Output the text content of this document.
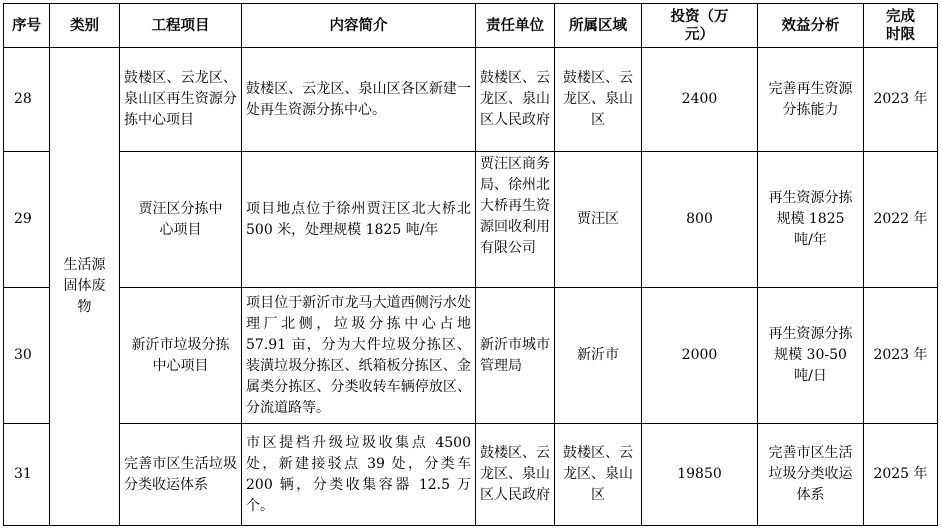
序号	类别	工程项目	内容简介	责任单位	所属区域	投资（万元）	效益分析	完成时限
28	生活源固体废物	鼓楼区、云龙区、泉山区再生资源分拣中心项目	鼓楼区、云龙区、泉山区各区新建一处再生资源分拣中心。	鼓楼区、云龙区、泉山区人民政府	鼓楼区、云龙区、泉山区	2400	完善再生资源分拣能力	2023 年
29		贾汪区分拣中心项目	项目地点位于徐州贾汪区北大桥北 500 米，处理规模 1825 吨/年	贾汪区商务局、徐州北大桥再生资源回收利用有限公司	贾汪区	800	再生资源分拣规模 1825 吨/年	2022 年
30		新沂市垃圾分拣中心项目	项目位于新沂市龙马大道西侧污水处理厂北侧，垃圾分拣中心占地 57.91 亩，分为大件垃圾分拣区、装潢垃圾分拣区、纸箱板分拣区、金属类分拣区、分类收转车辆停放区、分流道路等。	新沂市城市管理局	新沂市	2000	再生资源分拣规模 30-50 吨/日	2023 年
31		完善市区生活垃圾分类收运体系	市区提档升级垃圾收集点 4500 处，新建接驳点 39 处，分类车 200 辆，分类收集容器 12.5 万个。	鼓楼区、云龙区、泉山区人民政府	鼓楼区、云龙区、泉山区	19850	完善市区生活垃圾分类收运体系	2025 年
